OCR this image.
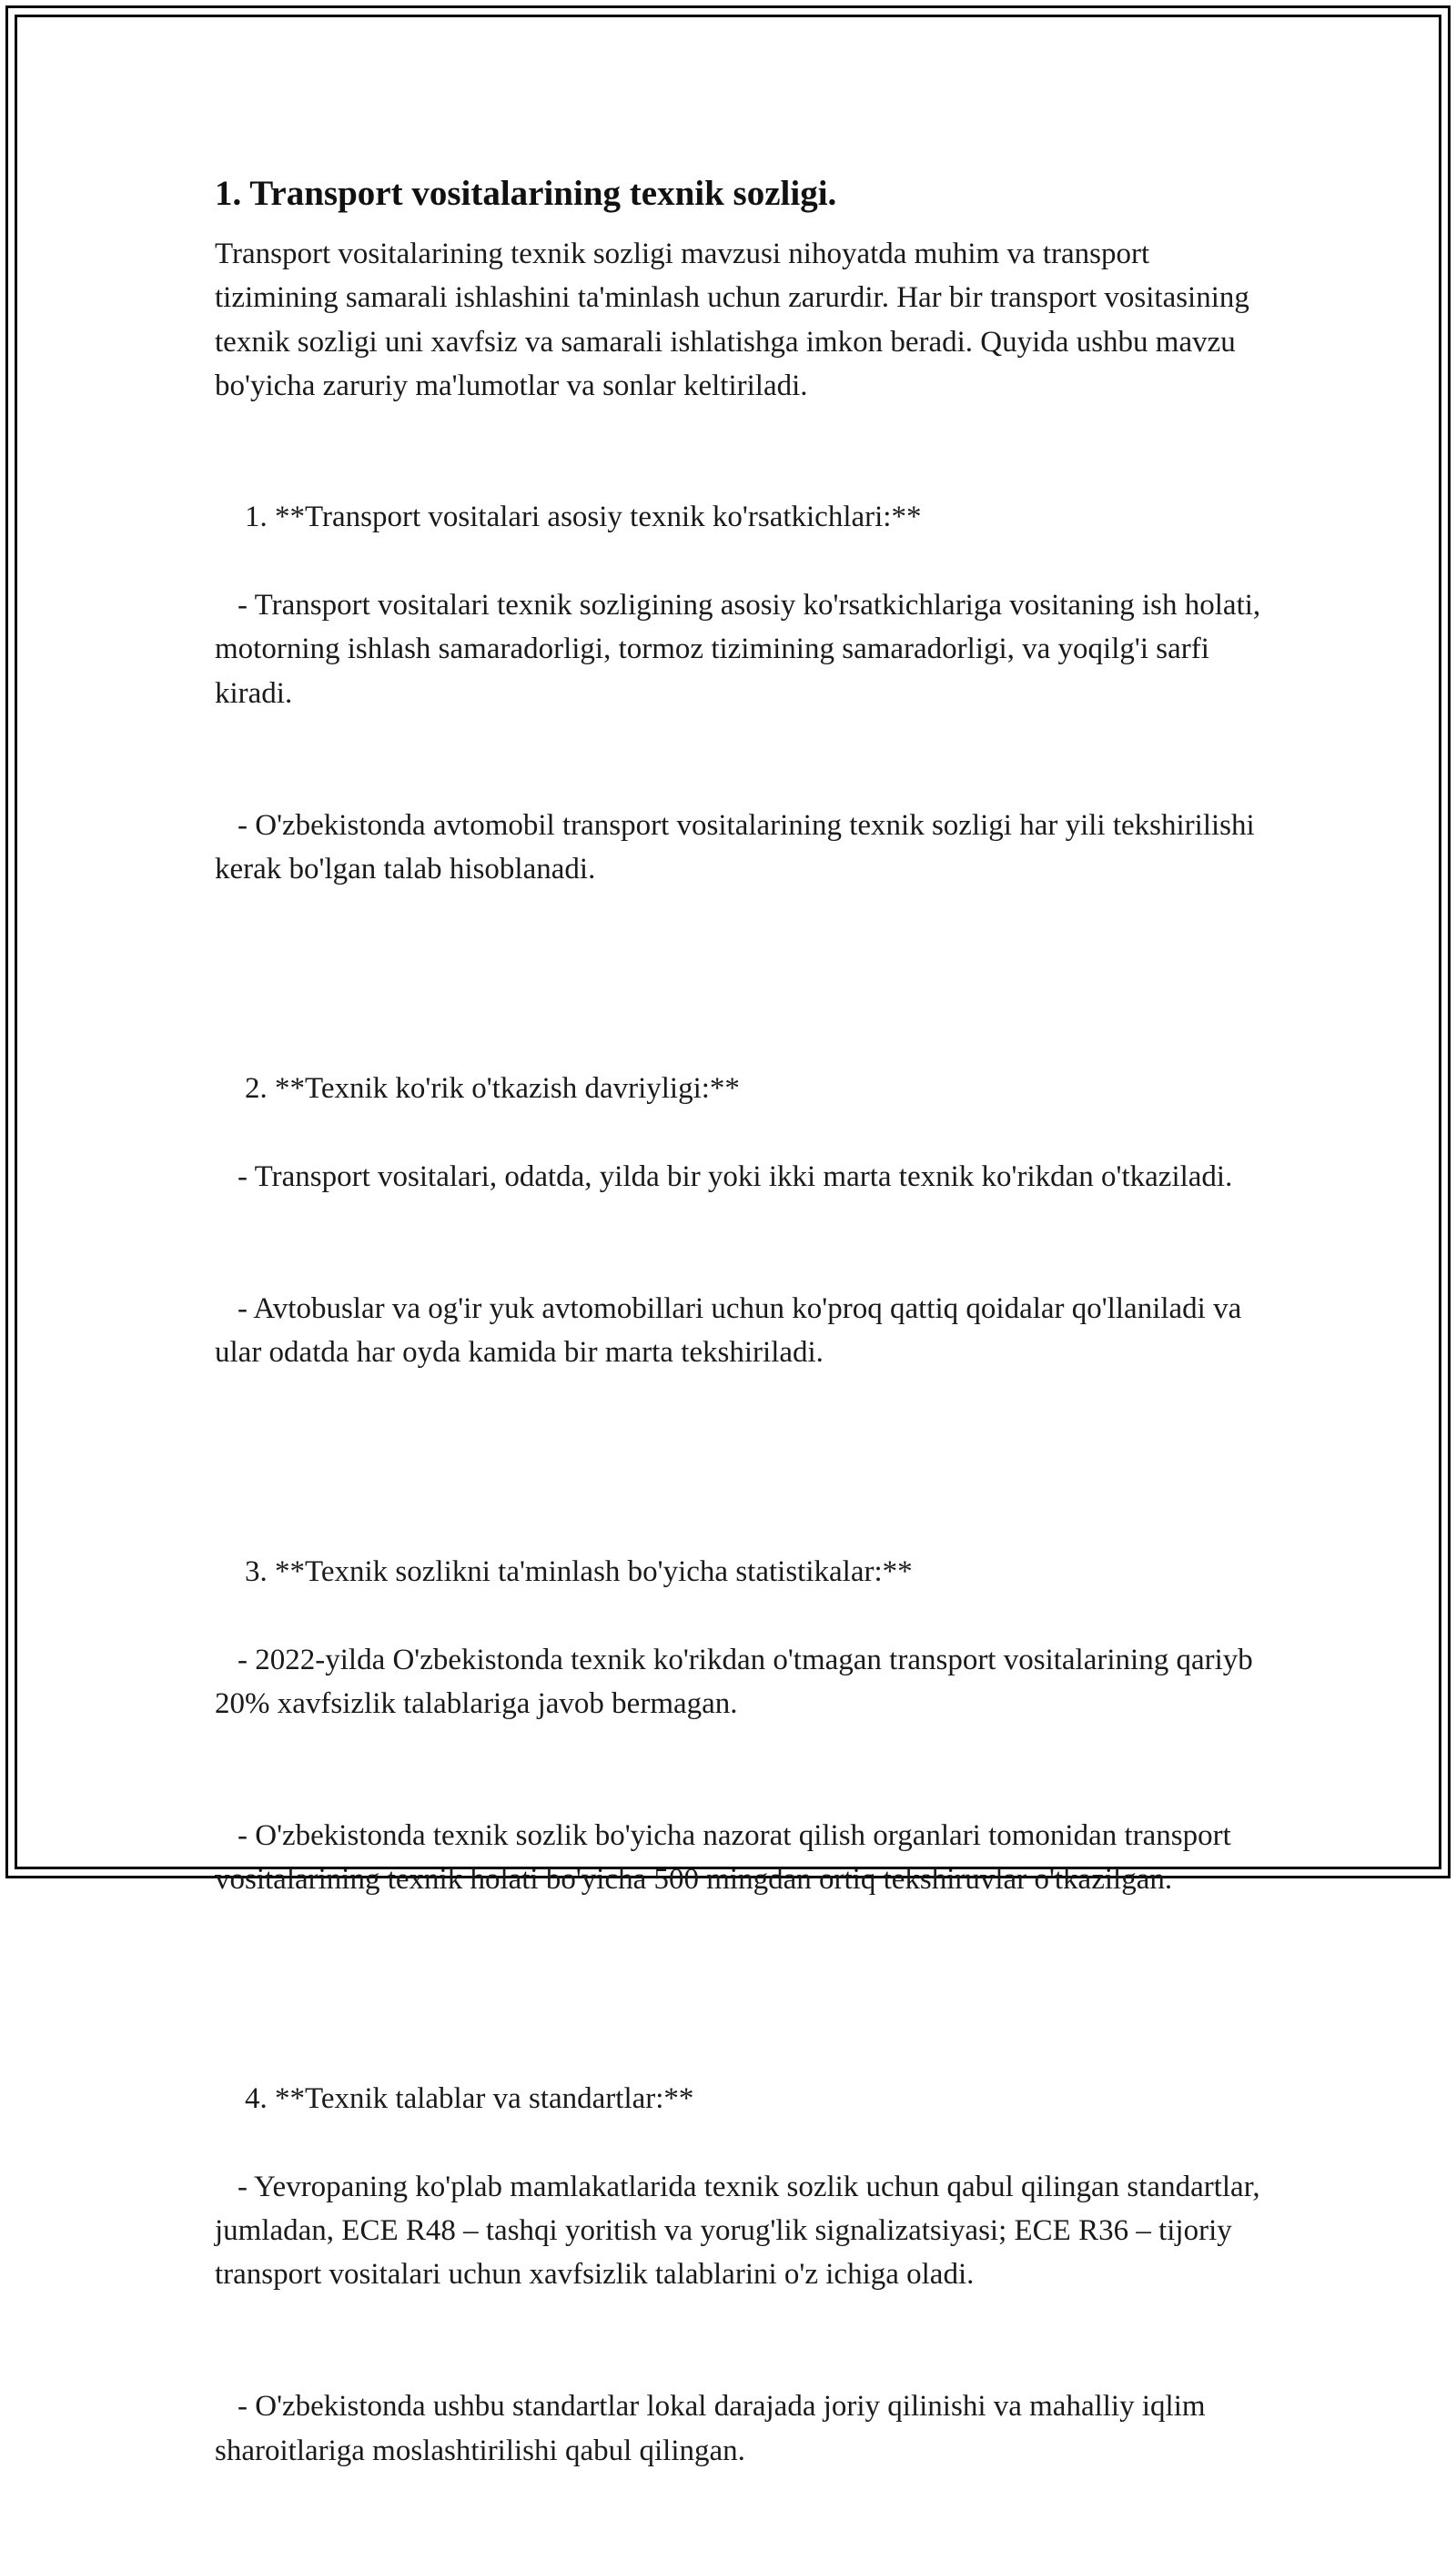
1. Transport vositalarining texnik sozligi.

Transport vositalarining texnik sozligi mavzusi nihoyatda muhim va transport tizimining samarali ishlashini ta'minlash uchun zarurdir. Har bir transport vositasining texnik sozligi uni xavfsiz va samarali ishlatishga imkon beradi. Quyida ushbu mavzu bo'yicha zaruriy ma'lumotlar va sonlar keltiriladi.

1. **Transport vositalari asosiy texnik ko'rsatkichlari:**

- Transport vositalari texnik sozligining asosiy ko'rsatkichlariga vositaning ish holati, motorning ishlash samaradorligi, tormoz tizimining samaradorligi, va yoqilg'i sarfi kiradi.

- O'zbekistonda avtomobil transport vositalarining texnik sozligi har yili tekshirilishi kerak bo'lgan talab hisoblanadi.

2. **Texnik ko'rik o'tkazish davriyligi:**

- Transport vositalari, odatda, yilda bir yoki ikki marta texnik ko'rikdan o'tkaziladi.

- Avtobuslar va og'ir yuk avtomobillari uchun ko'proq qattiq qoidalar qo'llaniladi va ular odatda har oyda kamida bir marta tekshiriladi.

3. **Texnik sozlikni ta'minlash bo'yicha statistikalar:**

- 2022-yilda O'zbekistonda texnik ko'rikdan o'tmagan transport vositalarining qariyb 20% xavfsizlik talablariga javob bermagan.

- O'zbekistonda texnik sozlik bo'yicha nazorat qilish organlari tomonidan transport vositalarining texnik holati bo'yicha 500 mingdan ortiq tekshiruvlar o'tkazilgan.

4. **Texnik talablar va standartlar:**

- Yevropaning ko'plab mamlakatlarida texnik sozlik uchun qabul qilingan standartlar, jumladan, ECE R48 – tashqi yoritish va yorug'lik signalizatsiyasi; ECE R36 – tijoriy transport vositalari uchun xavfsizlik talablarini o'z ichiga oladi.

- O'zbekistonda ushbu standartlar lokal darajada joriy qilinishi va mahalliy iqlim sharoitlariga moslashtirilishi qabul qilingan.
